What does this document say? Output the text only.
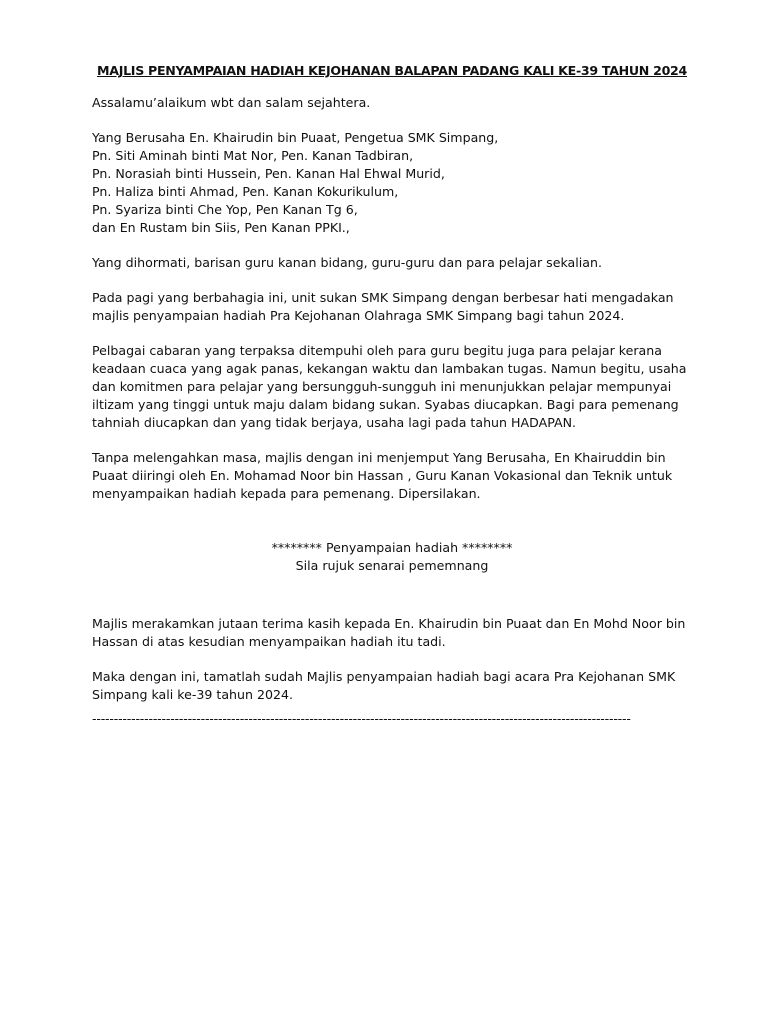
MAJLIS PENYAMPAIAN HADIAH KEJOHANAN BALAPAN PADANG KALI KE-39 TAHUN 2024

Assalamu’alaikum wbt dan salam sejahtera.

Yang Berusaha En. Khairudin bin Puaat, Pengetua SMK Simpang,
Pn. Siti Aminah binti Mat Nor, Pen. Kanan Tadbiran,
Pn. Norasiah binti Hussein, Pen. Kanan Hal Ehwal Murid,
Pn. Haliza binti Ahmad, Pen. Kanan Kokurikulum,
Pn. Syariza binti Che Yop, Pen Kanan Tg 6,
dan En Rustam bin Siis, Pen Kanan PPKI.,

Yang dihormati, barisan guru kanan bidang, guru-guru dan para pelajar sekalian.

Pada pagi yang berbahagia ini, unit sukan SMK Simpang dengan berbesar hati mengadakan
majlis penyampaian hadiah Pra Kejohanan Olahraga SMK Simpang bagi tahun 2024.

Pelbagai cabaran yang terpaksa ditempuhi oleh para guru begitu juga para pelajar kerana
keadaan cuaca yang agak panas, kekangan waktu dan lambakan tugas. Namun begitu, usaha
dan komitmen para pelajar yang bersungguh-sungguh ini menunjukkan pelajar mempunyai
iltizam yang tinggi untuk maju dalam bidang sukan. Syabas diucapkan. Bagi para pemenang
tahniah diucapkan dan yang tidak berjaya, usaha lagi pada tahun HADAPAN.

Tanpa melengahkan masa, majlis dengan ini menjemput Yang Berusaha, En Khairuddin bin
Puaat diiringi oleh En. Mohamad Noor bin Hassan , Guru Kanan Vokasional dan Teknik untuk
menyampaikan hadiah kepada para pemenang. Dipersilakan.

******** Penyampaian hadiah ********
Sila rujuk senarai pememnang

Majlis merakamkan jutaan terima kasih kepada En. Khairudin bin Puaat dan En Mohd Noor bin
Hassan di atas kesudian menyampaikan hadiah itu tadi.

Maka dengan ini, tamatlah sudah Majlis penyampaian hadiah bagi acara Pra Kejohanan SMK
Simpang kali ke-39 tahun 2024.

----------------------------------------------------------------------------------------------------------------------------
